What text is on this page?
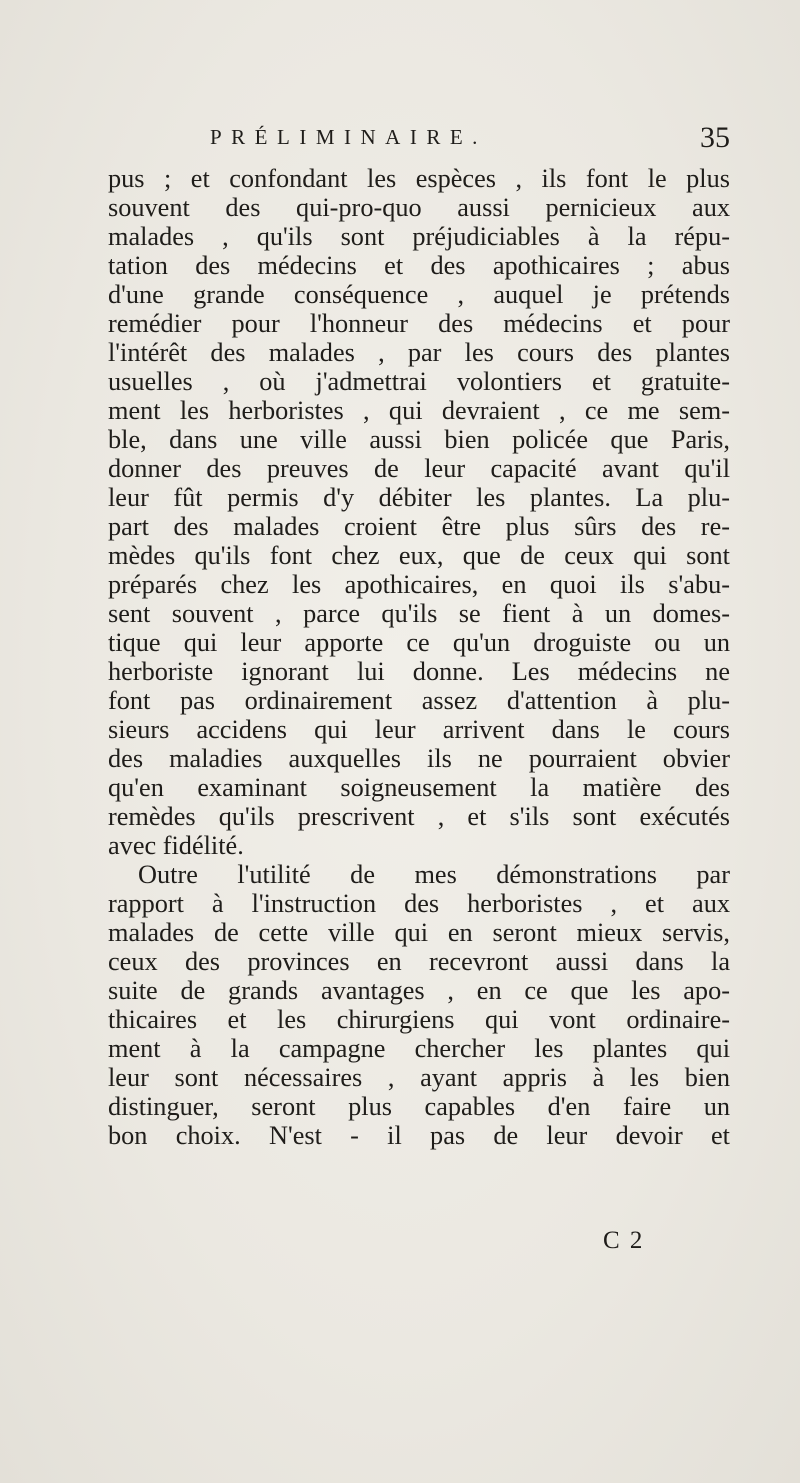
PRÉLIMINAIRE.	35
pus ; et confondant les espèces , ils font le plus
souvent des qui-pro-quo aussi pernicieux aux
malades , qu'ils sont préjudiciables à la répu-
tation des médecins et des apothicaires ; abus
d'une grande conséquence , auquel je prétends
remédier pour l'honneur des médecins et pour
l'intérêt des malades , par les cours des plantes
usuelles , où j'admettrai volontiers et gratuite-
ment les herboristes , qui devraient , ce me sem-
ble, dans une ville aussi bien policée que Paris,
donner des preuves de leur capacité avant qu'il
leur fût permis d'y débiter les plantes. La plu-
part des malades croient être plus sûrs des re-
mèdes qu'ils font chez eux, que de ceux qui sont
préparés chez les apothicaires, en quoi ils s'abu-
sent souvent , parce qu'ils se fient à un domes-
tique qui leur apporte ce qu'un droguiste ou un
herboriste ignorant lui donne. Les médecins ne
font pas ordinairement assez d'attention à plu-
sieurs accidens qui leur arrivent dans le cours
des maladies auxquelles ils ne pourraient obvier
qu'en examinant soigneusement la matière des
remèdes qu'ils prescrivent , et s'ils sont exécutés
avec fidélité.
Outre l'utilité de mes démonstrations par
rapport à l'instruction des herboristes , et aux
malades de cette ville qui en seront mieux servis,
ceux des provinces en recevront aussi dans la
suite de grands avantages , en ce que les apo-
thicaires et les chirurgiens qui vont ordinaire-
ment à la campagne chercher les plantes qui
leur sont nécessaires , ayant appris à les bien
distinguer, seront plus capables d'en faire un
bon choix. N'est - il pas de leur devoir et
C 2
